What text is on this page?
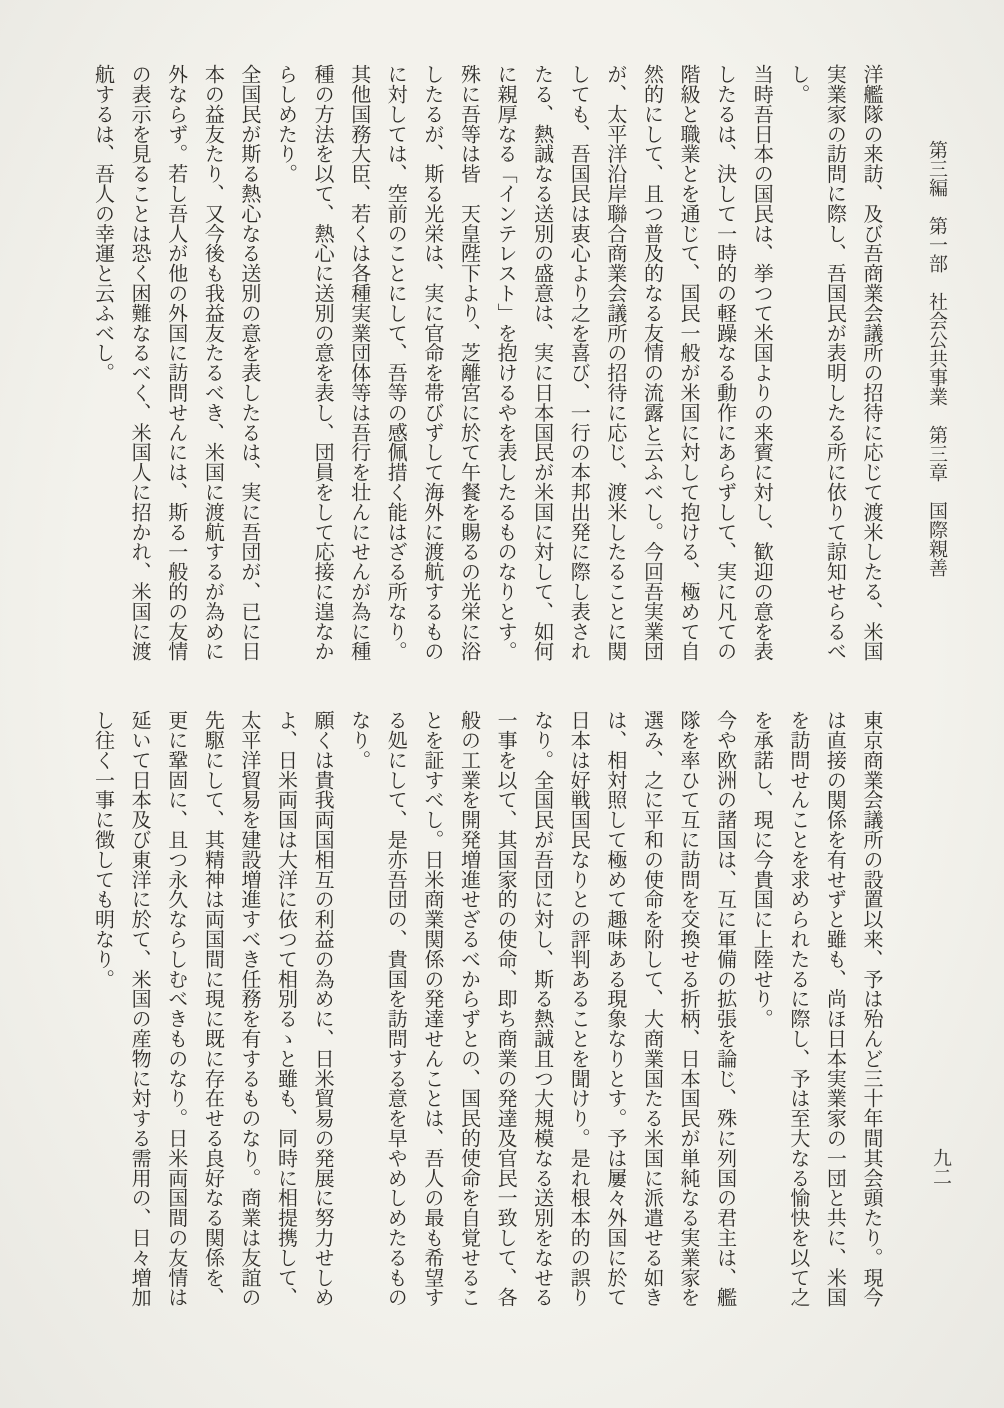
第三編　第一部　社会公共事業　第三章　国際親善
九二
洋艦隊の来訪、及び吾商業会議所の招待に応じて渡米したる、米国
実業家の訪問に際し、吾国民が表明したる所に依りて諒知せらるべ
し。
当時吾日本の国民は、挙つて米国よりの来賓に対し、歓迎の意を表
したるは、決して一時的の軽躁なる動作にあらずして、実に凡ての
階級と職業とを通じて、国民一般が米国に対して抱ける、極めて自
然的にして、且つ普及的なる友情の流露と云ふべし。今回吾実業団
が、太平洋沿岸聯合商業会議所の招待に応じ、渡米したることに関
しても、吾国民は衷心より之を喜び、一行の本邦出発に際し表され
たる、熱誠なる送別の盛意は、実に日本国民が米国に対して、如何
に親厚なる「インテレスト」を抱けるやを表したるものなりとす。
殊に吾等は皆　天皇陛下より、芝離宮に於て午餐を賜るの光栄に浴
したるが、斯る光栄は、実に官命を帯びずして海外に渡航するもの
に対しては、空前のことにして、吾等の感佩措く能はざる所なり。
其他国務大臣、若くは各種実業団体等は吾行を壮んにせんが為に種
種の方法を以て、熱心に送別の意を表し、団員をして応接に遑なか
らしめたり。
全国民が斯る熱心なる送別の意を表したるは、実に吾団が、已に日
本の益友たり、又今後も我益友たるべき、米国に渡航するが為めに
外ならず。若し吾人が他の外国に訪問せんには、斯る一般的の友情
の表示を見ることは恐く困難なるべく、米国人に招かれ、米国に渡
航するは、吾人の幸運と云ふべし。
東京商業会議所の設置以来、予は殆んど三十年間其会頭たり。現今
は直接の関係を有せずと雖も、尚ほ日本実業家の一団と共に、米国
を訪問せんことを求められたるに際し、予は至大なる愉快を以て之
を承諾し、現に今貴国に上陸せり。
今や欧洲の諸国は、互に軍備の拡張を論じ、殊に列国の君主は、艦
隊を率ひて互に訪問を交換せる折柄、日本国民が単純なる実業家を
選み、之に平和の使命を附して、大商業国たる米国に派遣せる如き
は、相対照して極めて趣味ある現象なりとす。予は屢々外国に於て
日本は好戦国民なりとの評判あることを聞けり。是れ根本的の誤り
なり。全国民が吾団に対し、斯る熱誠且つ大規模なる送別をなせる
一事を以て、其国家的の使命、即ち商業の発達及官民一致して、各
般の工業を開発増進せざるべからずとの、国民的使命を自覚せるこ
とを証すべし。日米商業関係の発達せんことは、吾人の最も希望す
る処にして、是亦吾団の、貴国を訪問する意を早やめしめたるもの
なり。
願くは貴我両国相互の利益の為めに、日米貿易の発展に努力せしめ
よ、日米両国は大洋に依つて相別るゝと雖も、同時に相提携して、
太平洋貿易を建設増進すべき任務を有するものなり。商業は友誼の
先駆にして、其精神は両国間に現に既に存在せる良好なる関係を、
更に鞏固に、且つ永久ならしむべきものなり。日米両国間の友情は
延いて日本及び東洋に於て、米国の産物に対する需用の、日々増加
し往く一事に徴しても明なり。
